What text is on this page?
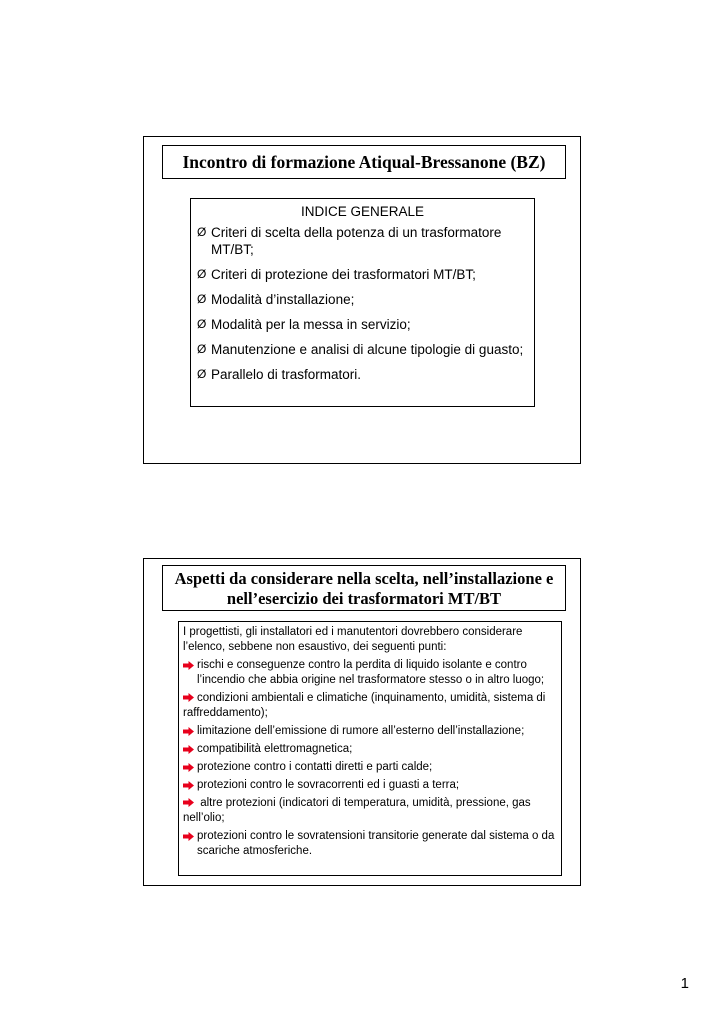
Incontro di formazione Atiqual-Bressanone (BZ)
INDICE GENERALE
Ø Criteri di scelta della potenza di un trasformatore MT/BT;
Ø Criteri di protezione dei trasformatori MT/BT;
Ø Modalità d’installazione;
Ø Modalità per la messa in servizio;
Ø Manutenzione e analisi di alcune tipologie di guasto;
Ø Parallelo di trasformatori.
Aspetti da considerare nella scelta, nell’installazione e nell’esercizio dei trasformatori MT/BT

I progettisti, gli installatori ed i manutentori dovrebbero considerare l’elenco, sebbene non esaustivo, dei seguenti punti:

rischi e conseguenze contro la perdita di liquido isolante e contro l’incendio che abbia origine nel trasformatore stesso o in altro luogo;
condizioni ambientali e climatiche (inquinamento, umidità, sistema di raffreddamento);
limitazione dell’emissione di rumore all’esterno dell’installazione;
compatibilità elettromagnetica;
protezione contro i contatti diretti e parti calde;
protezioni contro le sovracorrenti ed i guasti a terra;
altre protezioni (indicatori di temperatura, umidità, pressione, gas nell’olio;
protezioni contro le sovratensioni transitorie generate dal sistema o da scariche atmosferiche.
1
